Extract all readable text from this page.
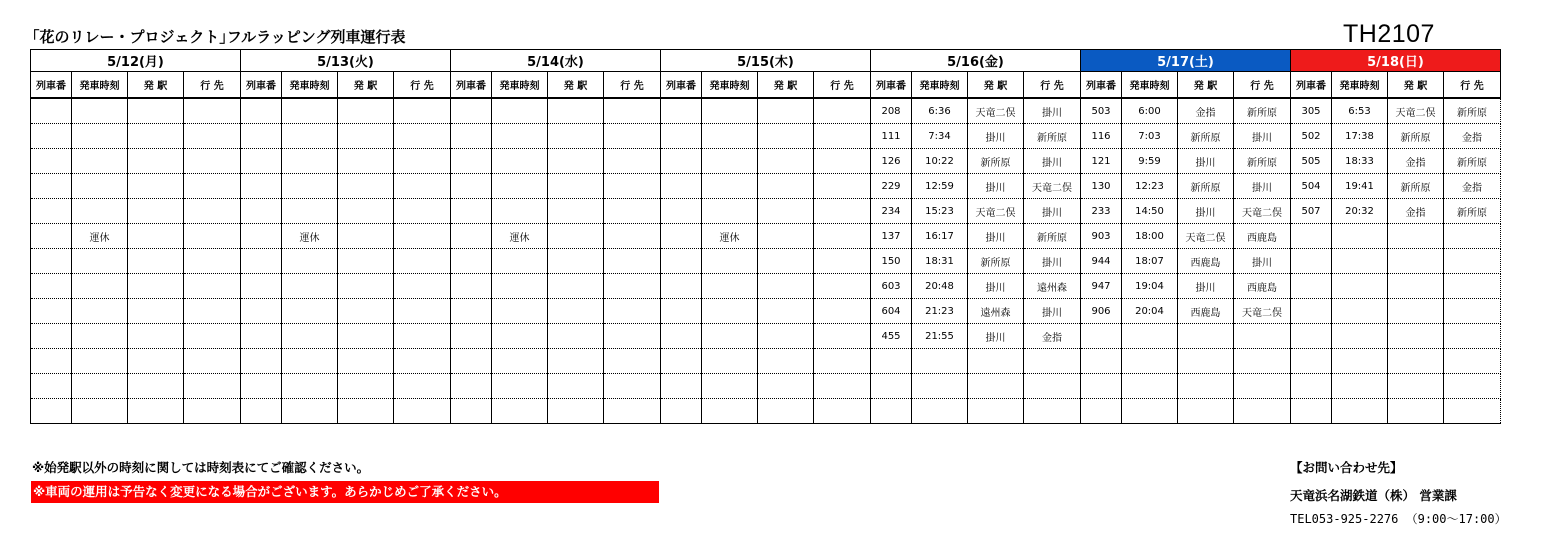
｢花のリレー・プロジェクト｣フルラッピング列車運行表	TH2107
5/12(月)				5/13(火)				5/14(水)				5/15(木)				5/16(金)				5/17(土)				5/18(日)			
列車番	発車時刻	発 駅	行 先	列車番	発車時刻	発 駅	行 先	列車番	発車時刻	発 駅	行 先	列車番	発車時刻	発 駅	行 先	列車番	発車時刻	発 駅	行 先	列車番	発車時刻	発 駅	行 先	列車番	発車時刻	発 駅	行 先
																208	6:36	天竜二俣	掛川	503	6:00	金指	新所原	305	6:53	天竜二俣	新所原
																111	7:34	掛川	新所原	116	7:03	新所原	掛川	502	17:38	新所原	金指
																126	10:22	新所原	掛川	121	9:59	掛川	新所原	505	18:33	金指	新所原
																229	12:59	掛川	天竜二俣	130	12:23	新所原	掛川	504	19:41	新所原	金指
																234	15:23	天竜二俣	掛川	233	14:50	掛川	天竜二俣	507	20:32	金指	新所原
	運休				運休				運休				運休			137	16:17	掛川	新所原	903	18:00	天竜二俣	西鹿島				
																150	18:31	新所原	掛川	944	18:07	西鹿島	掛川				
																603	20:48	掛川	遠州森	947	19:04	掛川	西鹿島				
																604	21:23	遠州森	掛川	906	20:04	西鹿島	天竜二俣				
																455	21:55	掛川	金指								

※始発駅以外の時刻に関しては時刻表にてご確認ください。
※車両の運用は予告なく変更になる場合がございます。あらかじめご了承ください。
【お問い合わせ先】
天竜浜名湖鉄道（株） 営業課
TEL053-925-2276 （9:00～17:00）
